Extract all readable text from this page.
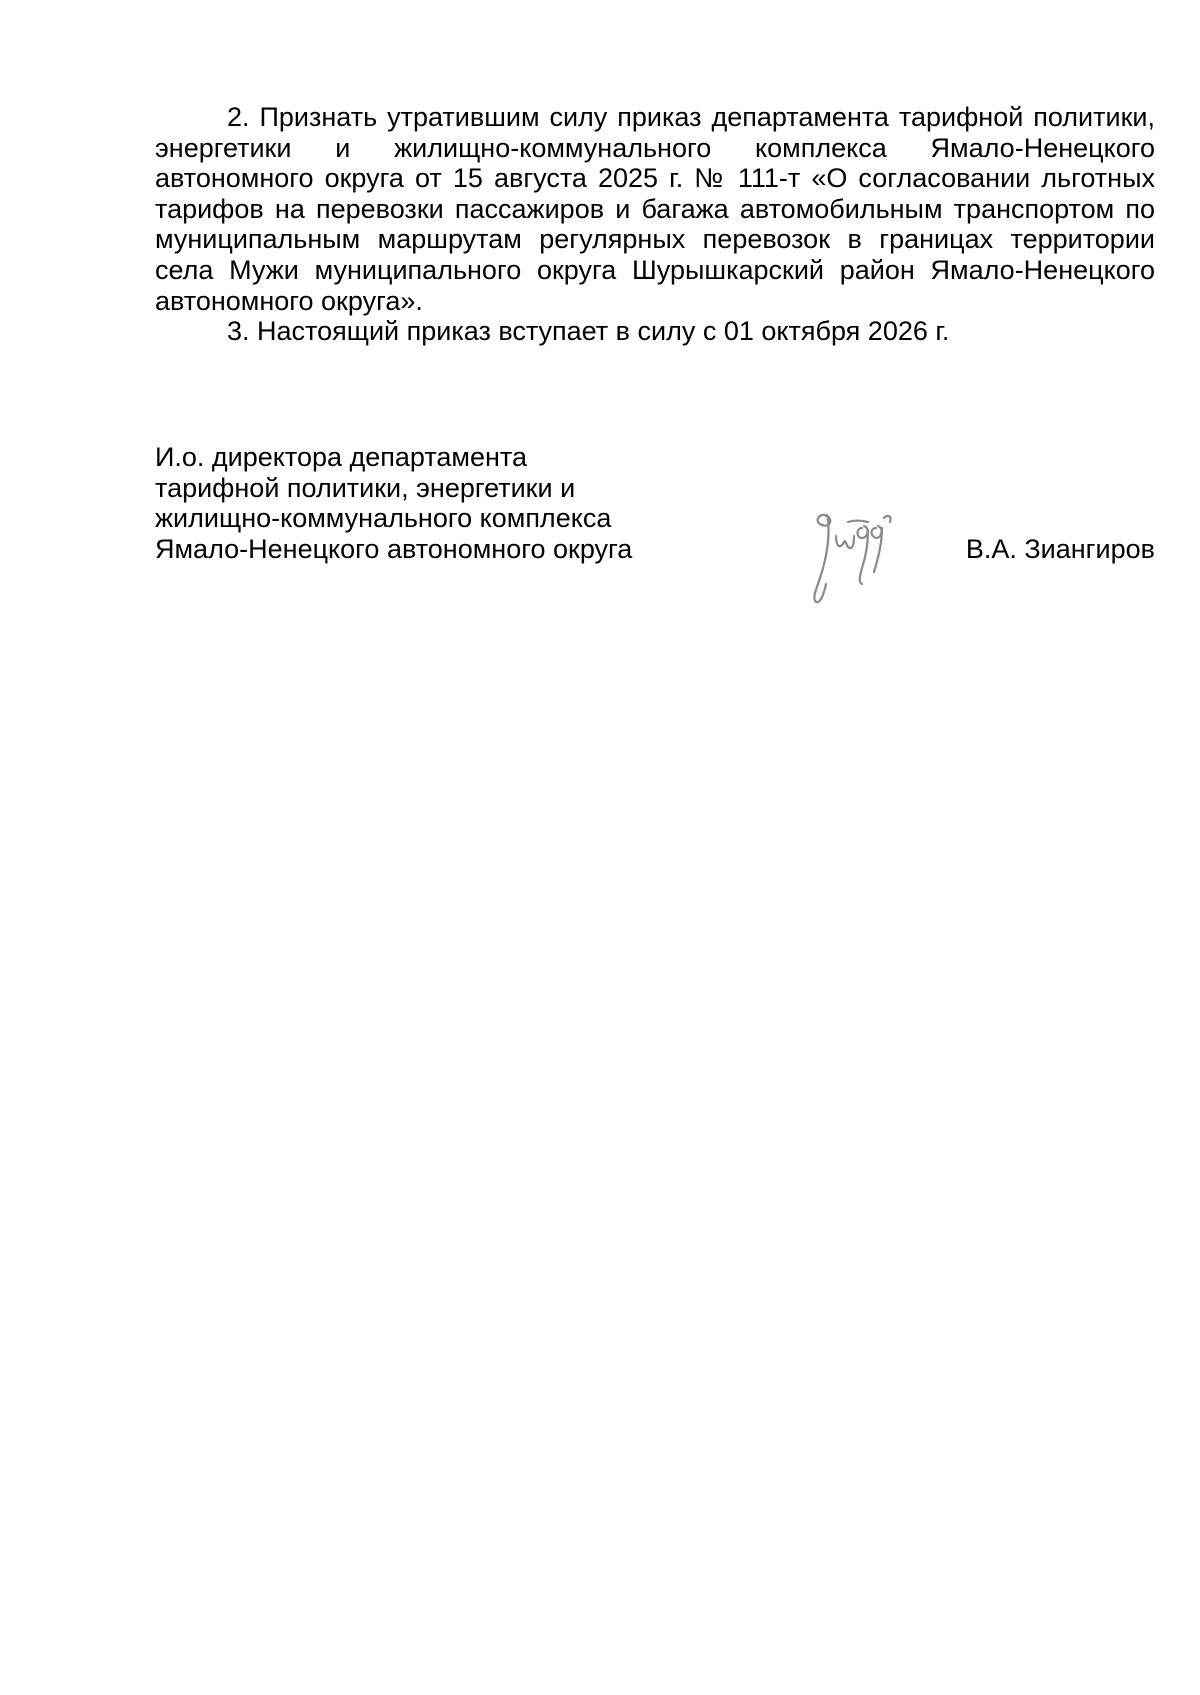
2. Признать утратившим силу приказ департамента тарифной политики, энергетики и жилищно-коммунального комплекса Ямало-Ненецкого автономного округа от 15 августа 2025 г. № 111-т «О согласовании льготных тарифов на перевозки пассажиров и багажа автомобильным транспортом по муниципальным маршрутам регулярных перевозок в границах территории села Мужи муниципального округа Шурышкарский район Ямало-Ненецкого автономного округа».

3. Настоящий приказ вступает в силу с 01 октября 2026 г.

И.о. директора департамента
тарифной политики, энергетики и
жилищно-коммунального комплекса
Ямало-Ненецкого автономного округа	В.А. Зиангиров
